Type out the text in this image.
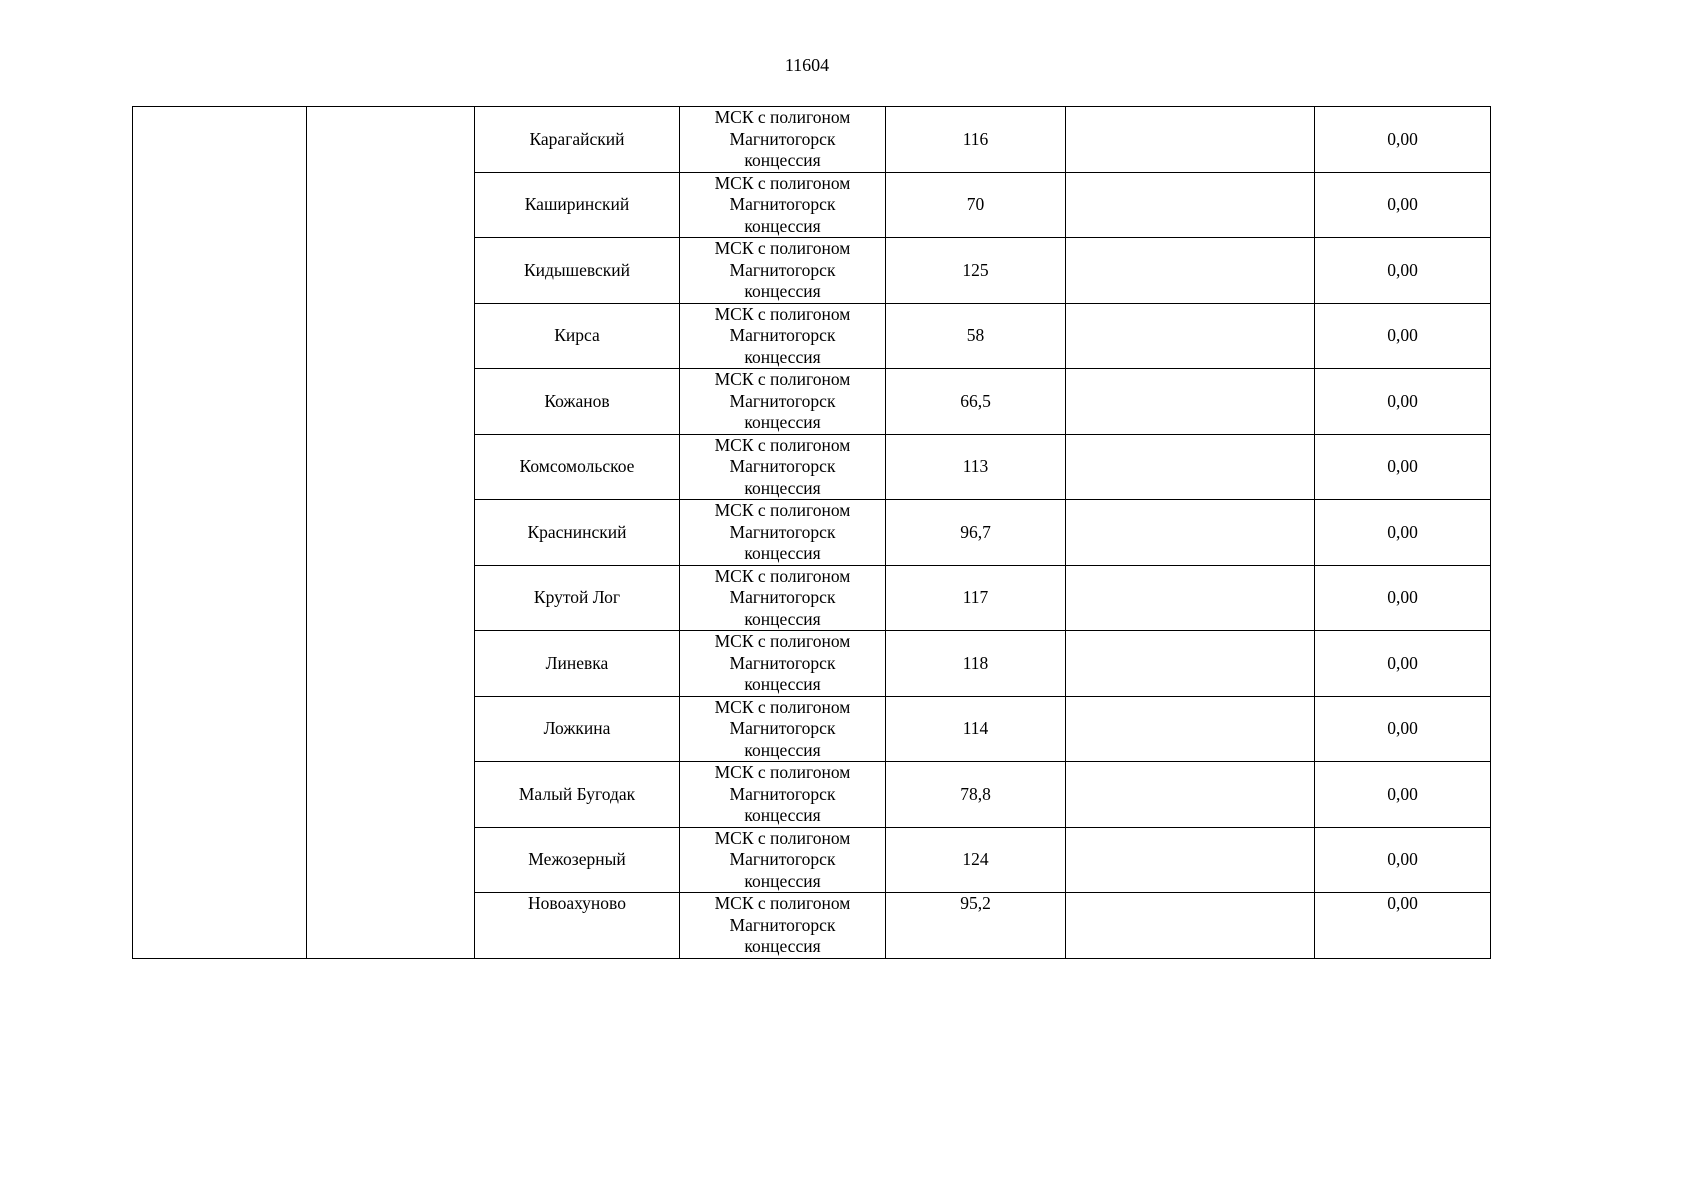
11604
		Карагайский	МСК с полигоном
Магнитогорск
концессия	116		0,00
		Каширинский	МСК с полигоном
Магнитогорск
концессия	70		0,00
		Кидышевский	МСК с полигоном
Магнитогорск
концессия	125		0,00
		Кирса	МСК с полигоном
Магнитогорск
концессия	58		0,00
		Кожанов	МСК с полигоном
Магнитогорск
концессия	66,5		0,00
		Комсомольское	МСК с полигоном
Магнитогорск
концессия	113		0,00
		Краснинский	МСК с полигоном
Магнитогорск
концессия	96,7		0,00
		Крутой Лог	МСК с полигоном
Магнитогорск
концессия	117		0,00
		Линевка	МСК с полигоном
Магнитогорск
концессия	118		0,00
		Ложкина	МСК с полигоном
Магнитогорск
концессия	114		0,00
		Малый Бугодак	МСК с полигоном
Магнитогорск
концессия	78,8		0,00
		Межозерный	МСК с полигоном
Магнитогорск
концессия	124		0,00
		Новоахуново	МСК с полигоном
Магнитогорск
концессия	95,2		0,00
